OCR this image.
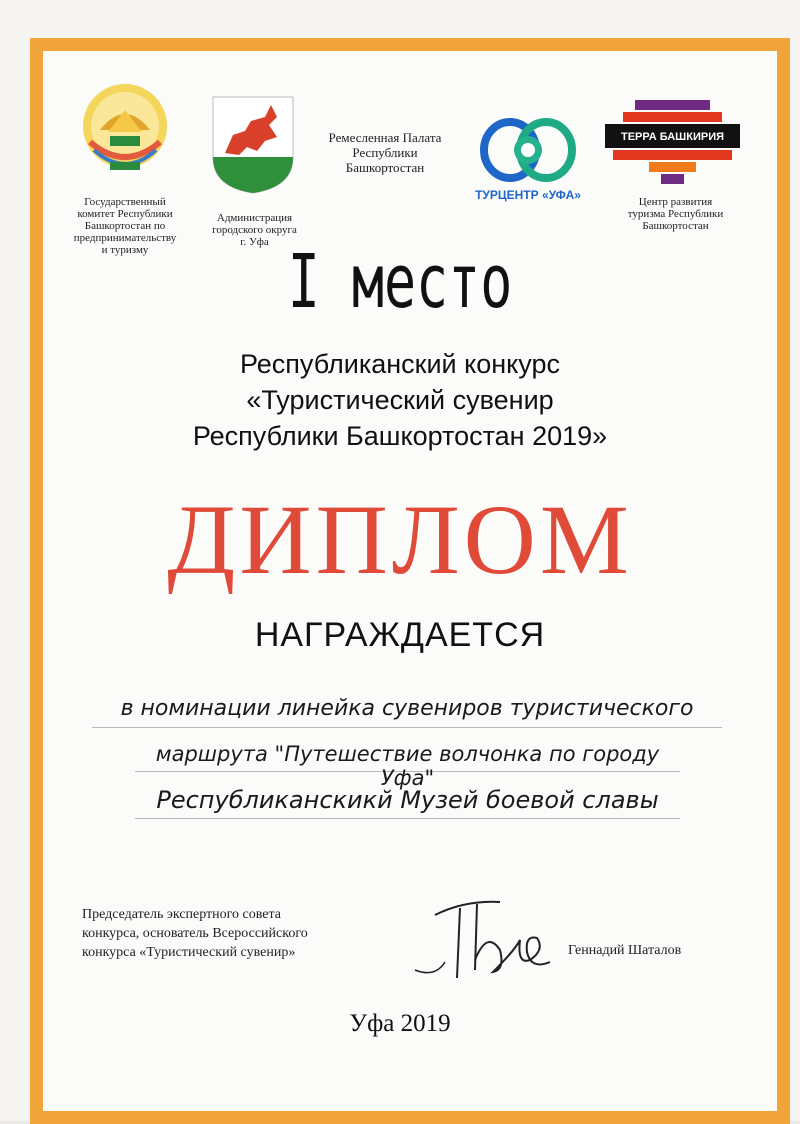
Государственный
комитет Республики
Башкортостан по
предпринимательству
и туризму
Администрация
городского округа
г. Уфа
Ремесленная Палата
Республики
Башкортостан
ТУРЦЕНТР «УФА»
ТЕРРА БАШКИРИЯ
Центр развития
туризма Республики
Башкортостан
I место
Республиканский конкурс
«Туристический сувенир
Республики Башкортостан 2019»
ДИПЛОМ
НАГРАЖДАЕТСЯ
в номинации линейка сувениров туристического
маршрута "Путешествие волчонка по городу Уфа"
Республиканскикй Музей боевой славы
Председатель экспертного совета
конкурса, основатель Всероссийского
конкурса «Туристический сувенир»	Геннадий Шаталов
Уфа 2019
